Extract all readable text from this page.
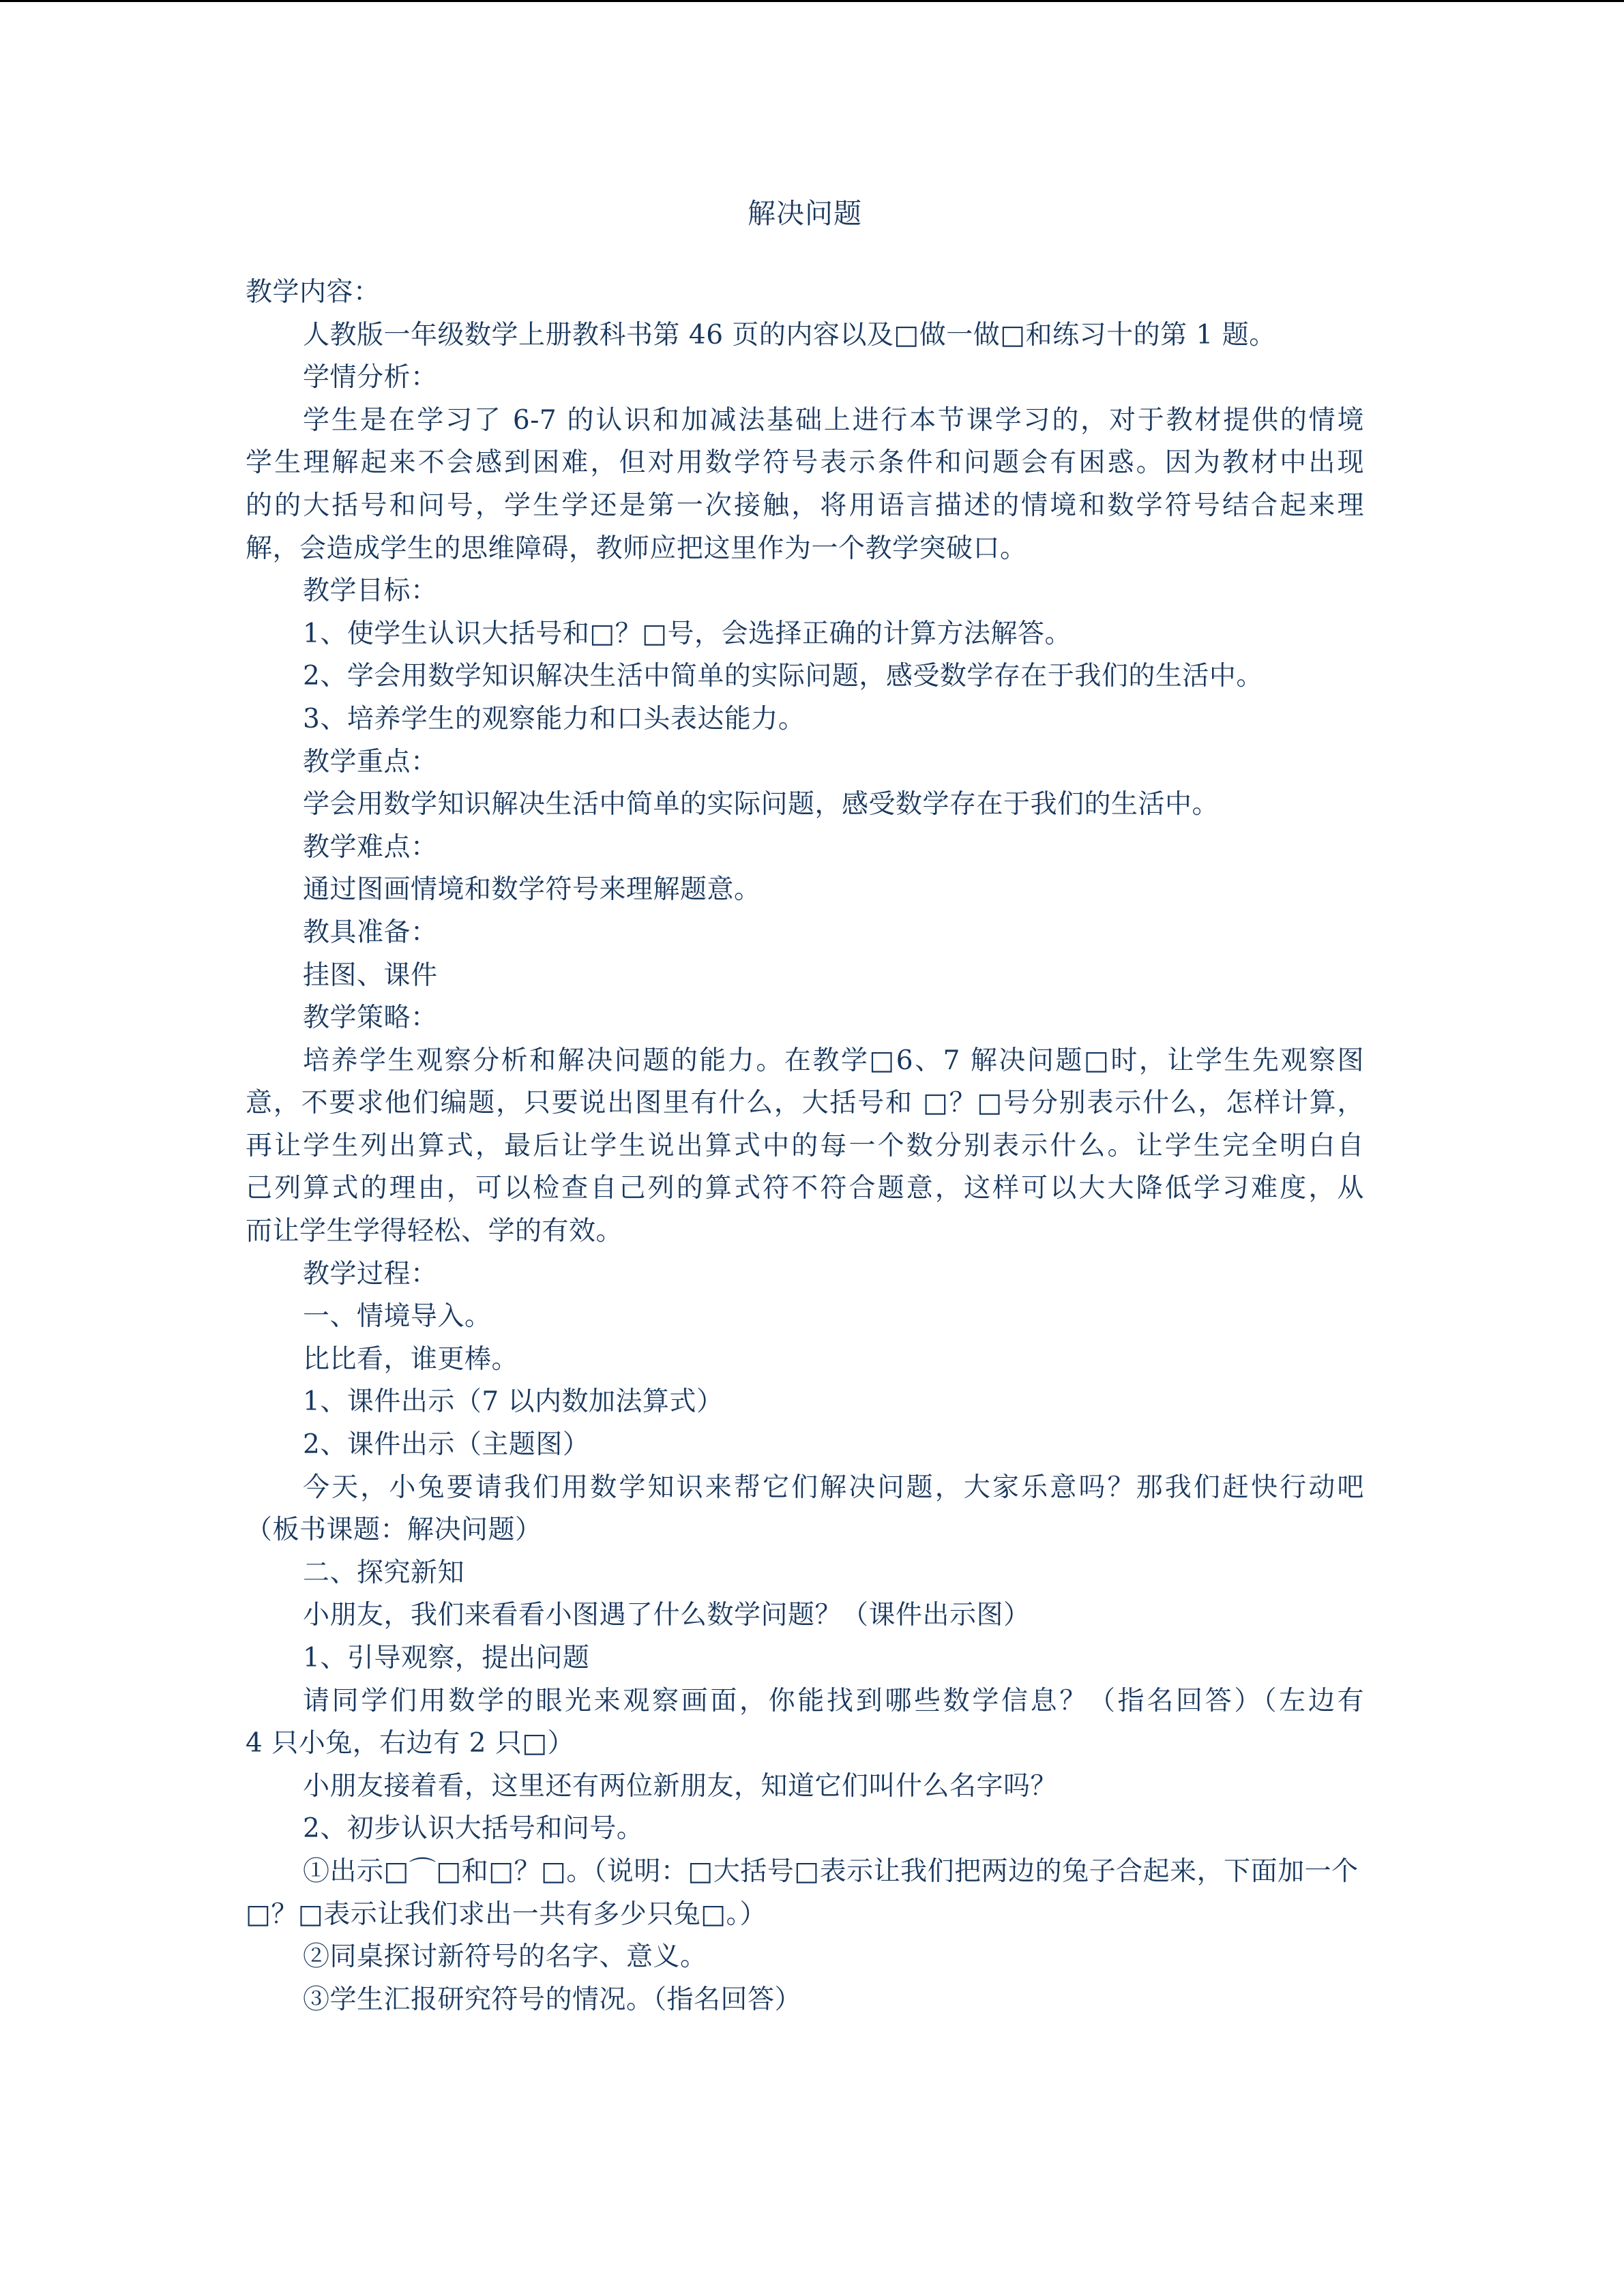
解决问题

教学内容：

人教版一年级数学上册教科书第 46 页的内容以及□做一做□和练习十的第 1 题。

学情分析：

学生是在学习了 6-7 的认识和加减法基础上进行本节课学习的，对于教材提供的情境

学生理解起来不会感到困难，但对用数学符号表示条件和问题会有困惑。因为教材中出现

的的大括号和问号，学生学还是第一次接触，将用语言描述的情境和数学符号结合起来理

解，会造成学生的思维障碍，教师应把这里作为一个教学突破口。

教学目标：

1、使学生认识大括号和□？□号，会选择正确的计算方法解答。

2、学会用数学知识解决生活中简单的实际问题，感受数学存在于我们的生活中。

3、培养学生的观察能力和口头表达能力。

教学重点：

学会用数学知识解决生活中简单的实际问题，感受数学存在于我们的生活中。

教学难点：

通过图画情境和数学符号来理解题意。

教具准备：

挂图、课件

教学策略：

培养学生观察分析和解决问题的能力。在教学□6、7 解决问题□时，让学生先观察图

意，不要求他们编题，只要说出图里有什么，大括号和 □？□号分别表示什么，怎样计算，

再让学生列出算式，最后让学生说出算式中的每一个数分别表示什么。让学生完全明白自

己列算式的理由，可以检查自己列的算式符不符合题意，这样可以大大降低学习难度，从

而让学生学得轻松、学的有效。

教学过程：

一、情境导入。

比比看，谁更棒。

1、课件出示（7 以内数加法算式）

2、课件出示（主题图）

今天，小兔要请我们用数学知识来帮它们解决问题，大家乐意吗？那我们赶快行动吧

（板书课题：解决问题）

二、探究新知

小朋友，我们来看看小图遇了什么数学问题？（课件出示图）

1、引导观察，提出问题

请同学们用数学的眼光来观察画面，你能找到哪些数学信息？（指名回答）（左边有

4 只小兔，右边有 2 只□）

小朋友接着看，这里还有两位新朋友，知道它们叫什么名字吗？

2、初步认识大括号和问号。

①出示□⌒□和□？□。（说明：□大括号□表示让我们把两边的兔子合起来，下面加一个

□？□表示让我们求出一共有多少只兔□。）

②同桌探讨新符号的名字、意义。

③学生汇报研究符号的情况。（指名回答）
